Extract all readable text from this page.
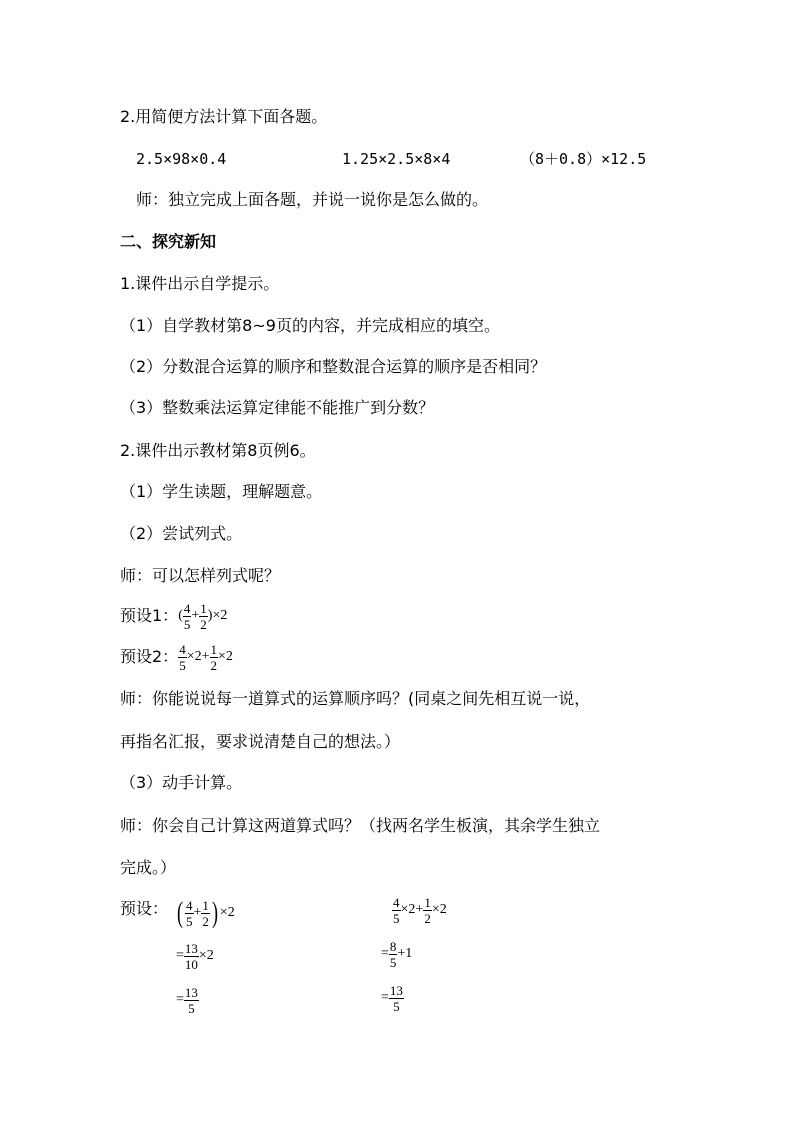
2.用简便方法计算下面各题。
2.5×98×0.4	1.25×2.5×8×4	（8＋0.8）×12.5
师：独立完成上面各题，并说一说你是怎么做的。
二、探究新知
1.课件出示自学提示。
（1）自学教材第8~9页的内容，并完成相应的填空。
（2）分数混合运算的顺序和整数混合运算的顺序是否相同？
（3）整数乘法运算定律能不能推广到分数？
2.课件出示教材第8页例6。
（1）学生读题，理解题意。
（2）尝试列式。
师：可以怎样列式呢？
预设1： ( $\frac{4}{5} + \frac{1}{2}$ ) ×2
预设2： $\frac{4}{5} \times 2 + \frac{1}{2} \times 2$
师：你能说说每一道算式的运算顺序吗？(同桌之间先相互说一说，
再指名汇报，要求说清楚自己的想法。）
（3）动手计算。
师：你会自己计算这两道算式吗？（找两名学生板演，其余学生独立
完成。）
预设： ( $\frac{4}{5} + \frac{1}{2}$ ) ×2
= $\frac{13}{10} \times 2$
= $\frac{13}{5}$
$\frac{4}{5} \times 2 + \frac{1}{2} \times 2$
= $\frac{8}{5} +1$
= $\frac{13}{5}$
